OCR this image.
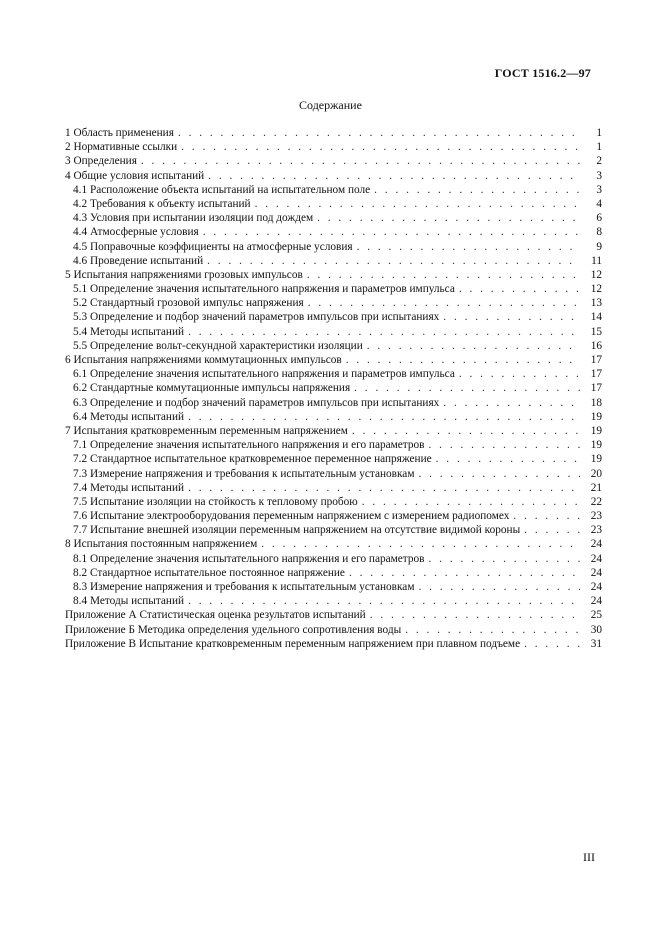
ГОСТ 1516.2—97
Содержание
1 Область применения . . .	1
2 Нормативные ссылки . . .	1
3 Определения . . .	2
4 Общие условия испытаний . . .	3
4.1 Расположение объекта испытаний на испытательном поле . . .	3
4.2 Требования к объекту испытаний . . .	4
4.3 Условия при испытании изоляции под дождем . . .	6
4.4 Атмосферные условия . . .	8
4.5 Поправочные коэффициенты на атмосферные условия . . .	9
4.6 Проведение испытаний . . .	11
5 Испытания напряжениями грозовых импульсов . . .	12
5.1 Определение значения испытательного напряжения и параметров импульса . . .	12
5.2 Стандартный грозовой импульс напряжения . . .	13
5.3 Определение и подбор значений параметров импульсов при испытаниях . . .	14
5.4 Методы испытаний . . .	15
5.5 Определение вольт-секундной характеристики изоляции . . .	16
6 Испытания напряжениями коммутационных импульсов . . .	17
6.1 Определение значения испытательного напряжения и параметров импульса . . .	17
6.2 Стандартные коммутационные импульсы напряжения . . .	17
6.3 Определение и подбор значений параметров импульсов при испытаниях . . .	18
6.4 Методы испытаний . . .	19
7 Испытания кратковременным переменным напряжением . . .	19
7.1 Определение значения испытательного напряжения и его параметров . . .	19
7.2 Стандартное испытательное кратковременное переменное напряжение . . .	19
7.3 Измерение напряжения и требования к испытательным установкам . . .	20
7.4 Методы испытаний . . .	21
7.5 Испытание изоляции на стойкость к тепловому пробою . . .	22
7.6 Испытание электрооборудования переменным напряжением с измерением радиопомех . . .	23
7.7 Испытание внешней изоляции переменным напряжением на отсутствие видимой короны . . .	23
8 Испытания постоянным напряжением . . .	24
8.1 Определение значения испытательного напряжения и его параметров . . .	24
8.2 Стандартное испытательное постоянное напряжение . . .	24
8.3 Измерение напряжения и требования к испытательным установкам . . .	24
8.4 Методы испытаний . . .	24
Приложение А Статистическая оценка результатов испытаний . . .	25
Приложение Б Методика определения удельного сопротивления воды . . .	30
Приложение В Испытание кратковременным переменным напряжением при плавном подъеме . . .	31
III
